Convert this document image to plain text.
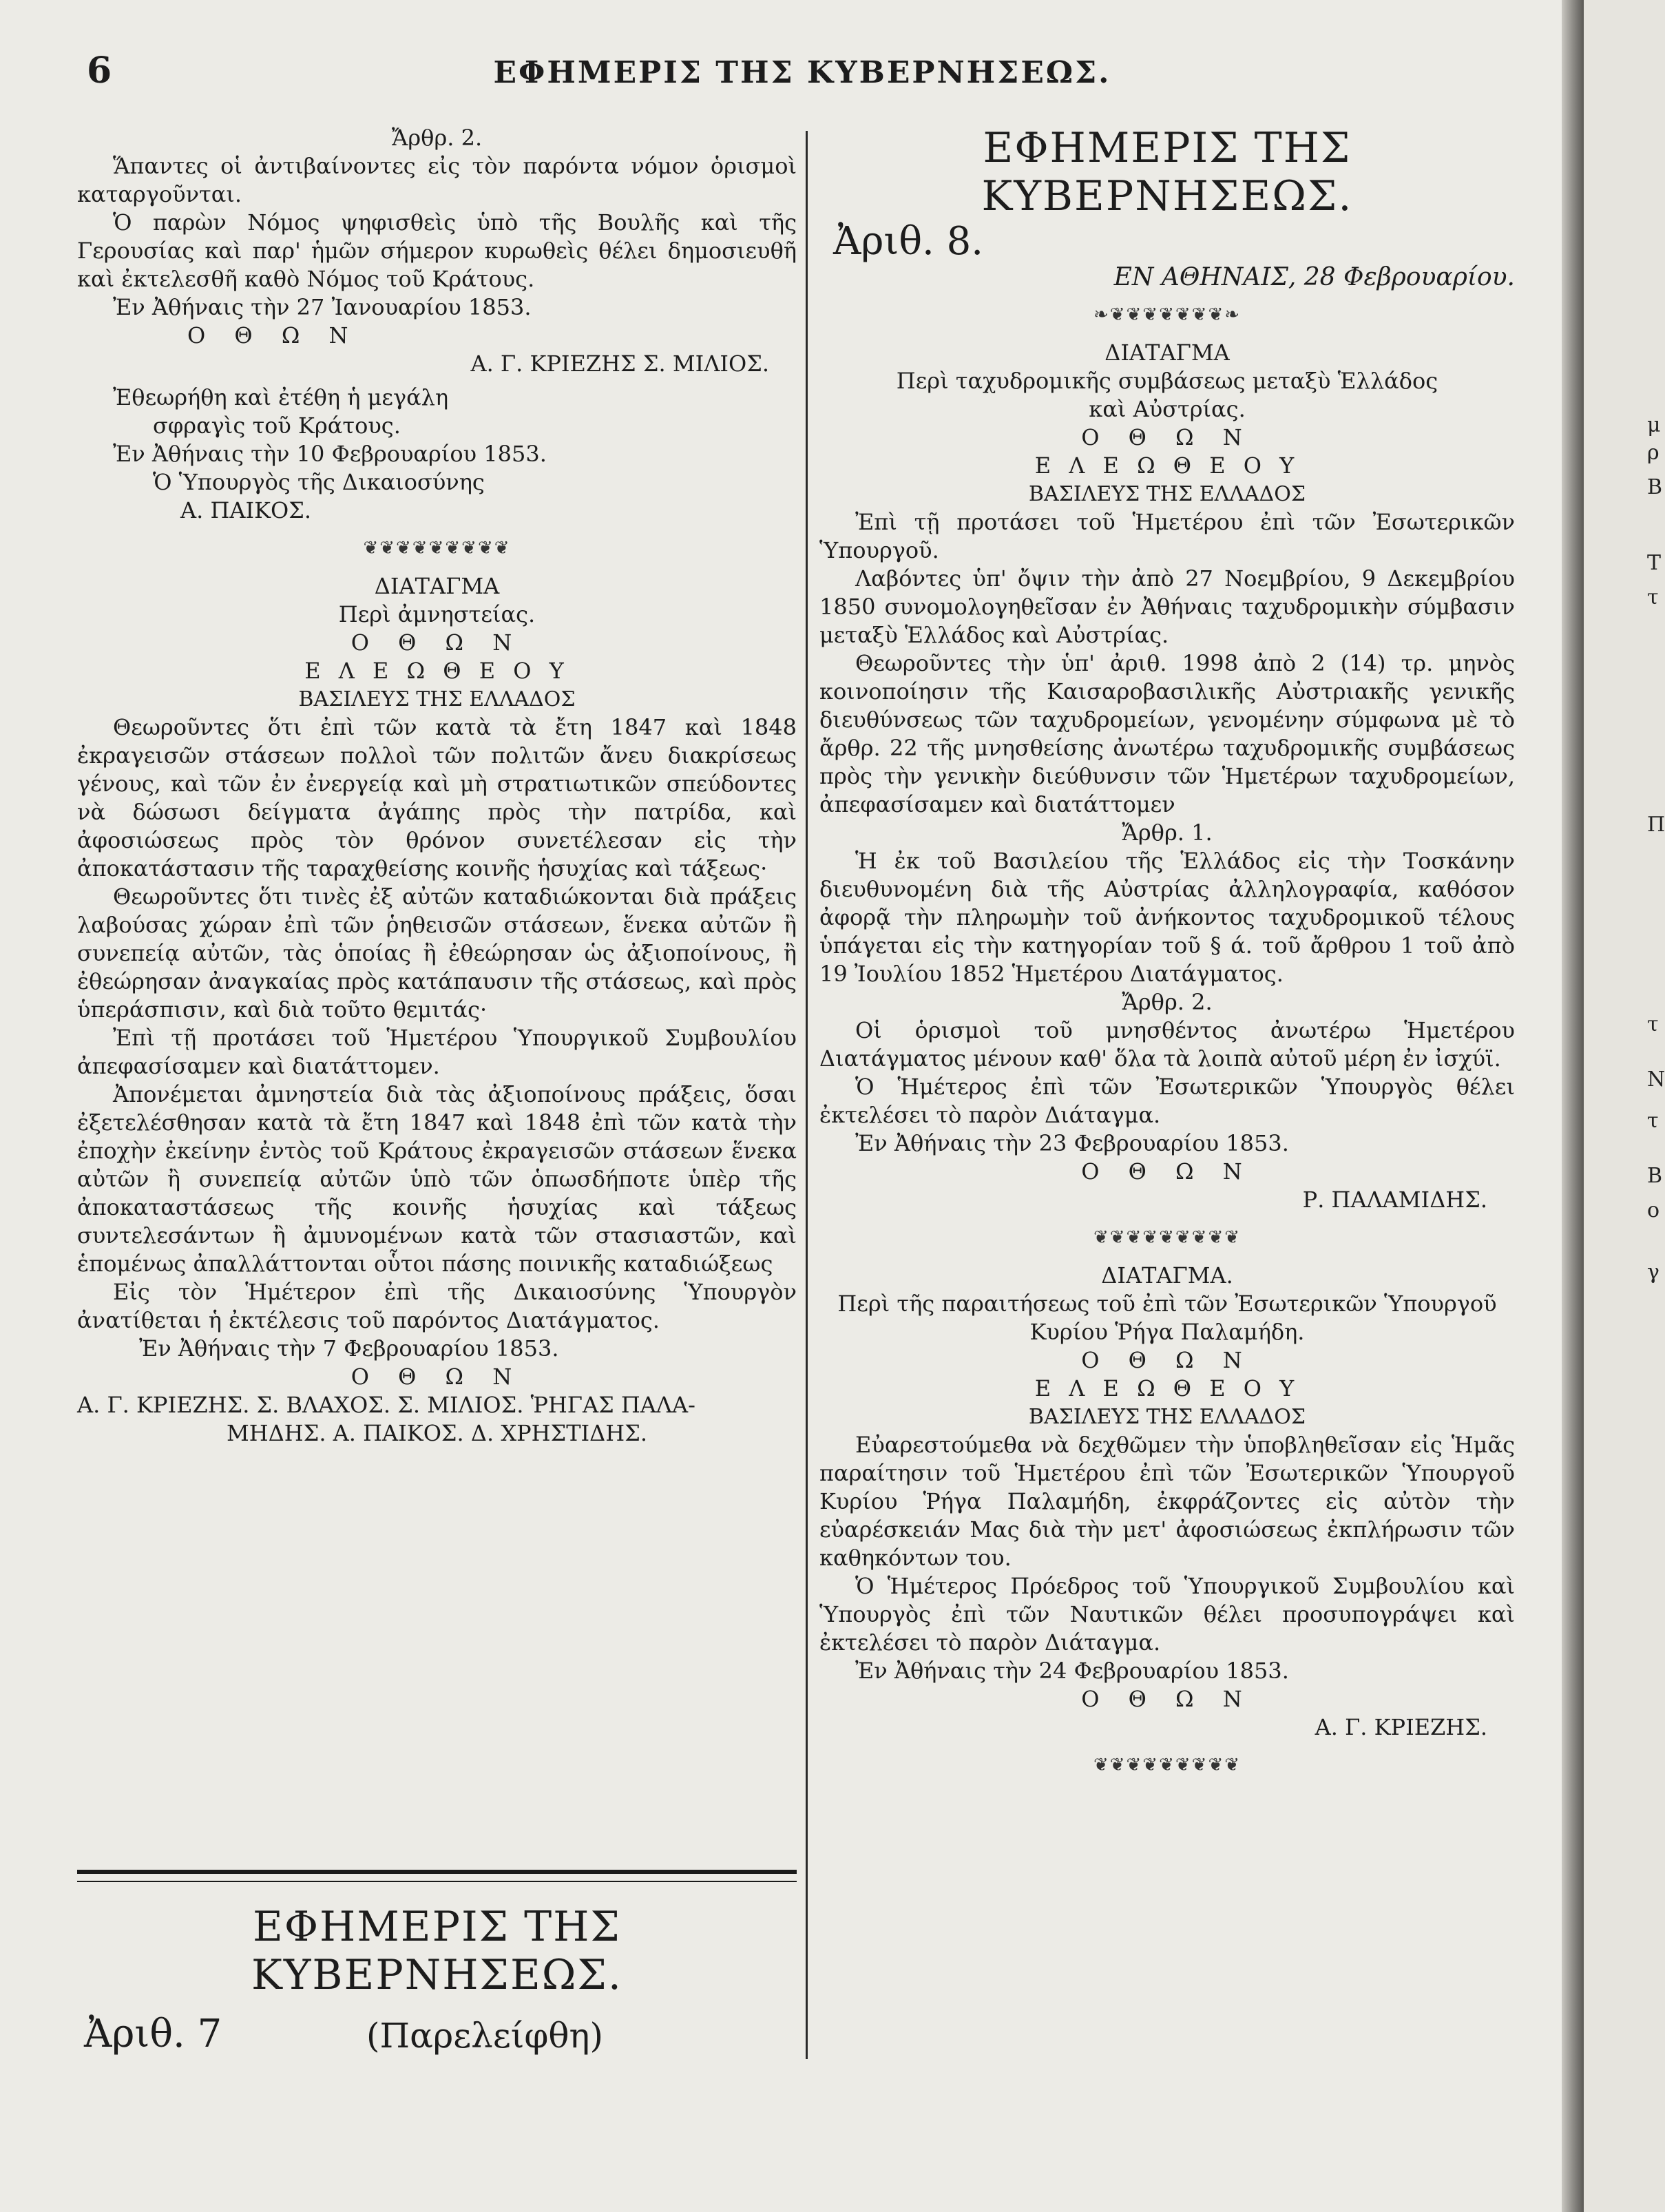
6	ΕΦΗΜΕΡΙΣ ΤΗΣ ΚΥΒΕΡΝΗΣΕΩΣ.

Ἄρθρ. 2.

Ἅπαντες οἱ ἀντιβαίνοντες εἰς τὸν παρόντα νόμον ὁρισμοὶ καταργοῦνται.

Ὁ παρὼν Νόμος ψηφισθεὶς ὑπὸ τῆς Βουλῆς καὶ τῆς Γερουσίας καὶ παρ' ἡμῶν σήμερον κυρωθεὶς θέλει δημοσιευθῆ καὶ ἐκτελεσθῆ καθὸ Νόμος τοῦ Κράτους.

Ἐν Ἀθήναις τὴν 27 Ἰανουαρίου 1853.

Ο Θ Ω Ν

Α. Γ. ΚΡΙΕΖΗΣ Σ. ΜΙΛΙΟΣ.

Ἐθεωρήθη καὶ ἐτέθη ἡ μεγάλη

σφραγὶς τοῦ Κράτους.

Ἐν Ἀθήναις τὴν 10 Φεβρουαρίου 1853.

Ὁ Ὑπουργὸς τῆς Δικαιοσύνης

Α. ΠΑΙΚΟΣ.

❦❦❦❦❦❦❦❦❦

ΔΙΑΤΑΓΜΑ

Περὶ ἀμνηστείας.

Ο Θ Ω Ν

Ε Λ Ε Ω Θ Ε Ο Υ

ΒΑΣΙΛΕΥΣ ΤΗΣ ΕΛΛΑΔΟΣ

Θεωροῦντες ὅτι ἐπὶ τῶν κατὰ τὰ ἔτη 1847 καὶ 1848 ἐκραγεισῶν στάσεων πολλοὶ τῶν πολιτῶν ἄνευ διακρίσεως γένους, καὶ τῶν ἐν ἐνεργείᾳ καὶ μὴ στρατιωτικῶν σπεύδοντες νὰ δώσωσι δείγματα ἀγάπης πρὸς τὴν πατρίδα, καὶ ἀφοσιώσεως πρὸς τὸν θρόνον συνετέλεσαν εἰς τὴν ἀποκατάστασιν τῆς ταραχθείσης κοινῆς ἡσυχίας καὶ τάξεως·

Θεωροῦντες ὅτι τινὲς ἐξ αὐτῶν καταδιώκονται διὰ πράξεις λαβούσας χώραν ἐπὶ τῶν ῥηθεισῶν στάσεων, ἕνεκα αὐτῶν ἢ συνεπείᾳ αὐτῶν, τὰς ὁποίας ἢ ἐθεώρησαν ὡς ἀξιοποίνους, ἢ ἐθεώρησαν ἀναγκαίας πρὸς κατάπαυσιν τῆς στάσεως, καὶ πρὸς ὑπεράσπισιν, καὶ διὰ τοῦτο θεμιτάς·

Ἐπὶ τῇ προτάσει τοῦ Ἡμετέρου Ὑπουργικοῦ Συμβουλίου ἀπεφασίσαμεν καὶ διατάττομεν.

Ἀπονέμεται ἀμνηστεία διὰ τὰς ἀξιοποίνους πράξεις, ὅσαι ἐξετελέσθησαν κατὰ τὰ ἔτη 1847 καὶ 1848 ἐπὶ τῶν κατὰ τὴν ἐποχὴν ἐκείνην ἐντὸς τοῦ Κράτους ἐκραγεισῶν στάσεων ἕνεκα αὐτῶν ἢ συνεπείᾳ αὐτῶν ὑπὸ τῶν ὁπωσδήποτε ὑπὲρ τῆς ἀποκαταστάσεως τῆς κοινῆς ἡσυχίας καὶ τάξεως συντελεσάντων ἢ ἀμυνομένων κατὰ τῶν στασιαστῶν, καὶ ἑπομένως ἀπαλλάττονται οὗτοι πάσης ποινικῆς καταδιώξεως

Εἰς τὸν Ἡμέτερον ἐπὶ τῆς Δικαιοσύνης Ὑπουργὸν ἀνατίθεται ἡ ἐκτέλεσις τοῦ παρόντος Διατάγματος.

Ἐν Ἀθήναις τὴν 7 Φεβρουαρίου 1853.

Ο Θ Ω Ν

Α. Γ. ΚΡΙΕΖΗΣ. Σ. ΒΛΑΧΟΣ. Σ. ΜΙΛΙΟΣ. ῬΗΓΑΣ ΠΑΛΑ-

ΜΗΔΗΣ. Α. ΠΑΙΚΟΣ. Δ. ΧΡΗΣΤΙΔΗΣ.

ΕΦΗΜΕΡΙΣ ΤΗΣ ΚΥΒΕΡΝΗΣΕΩΣ.

Ἀριθ. 7	(Παρελείφθη)

ΕΦΗΜΕΡΙΣ ΤΗΣ ΚΥΒΕΡΝΗΣΕΩΣ.

Ἀριθ. 8.

ΕΝ ΑΘΗΝΑΙΣ, 28 Φεβρουαρίου.

❧❦❦❦❦❦❦❦❧

ΔΙΑΤΑΓΜΑ

Περὶ ταχυδρομικῆς συμβάσεως μεταξὺ Ἑλλάδος

καὶ Αὐστρίας.

Ο Θ Ω Ν

Ε Λ Ε Ω Θ Ε Ο Υ

ΒΑΣΙΛΕΥΣ ΤΗΣ ΕΛΛΑΔΟΣ

Ἐπὶ τῇ προτάσει τοῦ Ἡμετέρου ἐπὶ τῶν Ἐσωτερικῶν Ὑπουργοῦ.

Λαβόντες ὑπ' ὄψιν τὴν ἀπὸ 27 Νοεμβρίου, 9 Δεκεμβρίου 1850 συνομολογηθεῖσαν ἐν Ἀθήναις ταχυδρομικὴν σύμβασιν μεταξὺ Ἑλλάδος καὶ Αὐστρίας.

Θεωροῦντες τὴν ὑπ' ἀριθ. 1998 ἀπὸ 2 (14) τρ. μηνὸς κοινοποίησιν τῆς Καισαροβασιλικῆς Αὐστριακῆς γενικῆς διευθύνσεως τῶν ταχυδρομείων, γενομένην σύμφωνα μὲ τὸ ἄρθρ. 22 τῆς μνησθείσης ἀνωτέρω ταχυδρομικῆς συμβάσεως πρὸς τὴν γενικὴν διεύθυνσιν τῶν Ἡμετέρων ταχυδρομείων, ἀπεφασίσαμεν καὶ διατάττομεν

Ἄρθρ. 1.

Ἡ ἐκ τοῦ Βασιλείου τῆς Ἑλλάδος εἰς τὴν Τοσκάνην διευθυνομένη διὰ τῆς Αὐστρίας ἀλληλογραφία, καθόσον ἀφορᾷ τὴν πληρωμὴν τοῦ ἀνήκοντος ταχυδρομικοῦ τέλους ὑπάγεται εἰς τὴν κατηγορίαν τοῦ § ά. τοῦ ἄρθρου 1 τοῦ ἀπὸ 19 Ἰουλίου 1852 Ἡμετέρου Διατάγματος.

Ἄρθρ. 2.

Οἱ ὁρισμοὶ τοῦ μνησθέντος ἀνωτέρω Ἡμετέρου Διατάγματος μένουν καθ' ὅλα τὰ λοιπὰ αὐτοῦ μέρη ἐν ἰσχύϊ.

Ὁ Ἡμέτερος ἐπὶ τῶν Ἐσωτερικῶν Ὑπουργὸς θέλει ἐκτελέσει τὸ παρὸν Διάταγμα.

Ἐν Ἀθήναις τὴν 23 Φεβρουαρίου 1853.

Ο Θ Ω Ν

Ρ. ΠΑΛΑΜΙΔΗΣ.

❦❦❦❦❦❦❦❦❦

ΔΙΑΤΑΓΜΑ.

Περὶ τῆς παραιτήσεως τοῦ ἐπὶ τῶν Ἐσωτερικῶν Ὑπουργοῦ

Κυρίου Ῥήγα Παλαμήδη.

Ο Θ Ω Ν

Ε Λ Ε Ω Θ Ε Ο Υ

ΒΑΣΙΛΕΥΣ ΤΗΣ ΕΛΛΑΔΟΣ

Εὐαρεστούμεθα νὰ δεχθῶμεν τὴν ὑποβληθεῖσαν εἰς Ἡμᾶς παραίτησιν τοῦ Ἡμετέρου ἐπὶ τῶν Ἐσωτερικῶν Ὑπουργοῦ Κυρίου Ῥήγα Παλαμήδη, ἐκφράζοντες εἰς αὐτὸν τὴν εὐαρέσκειάν Μας διὰ τὴν μετ' ἀφοσιώσεως ἐκπλήρωσιν τῶν καθηκόντων του.

Ὁ Ἡμέτερος Πρόεδρος τοῦ Ὑπουργικοῦ Συμβουλίου καὶ Ὑπουργὸς ἐπὶ τῶν Ναυτικῶν θέλει προσυπογράψει καὶ ἐκτελέσει τὸ παρὸν Διάταγμα.

Ἐν Ἀθήναις τὴν 24 Φεβρουαρίου 1853.

Ο Θ Ω Ν

Α. Γ. ΚΡΙΕΖΗΣ.

❦❦❦❦❦❦❦❦❦

μ
ρ
Β
Τ
τ
Π
τ
Ν
τ
Β
ο
γ
